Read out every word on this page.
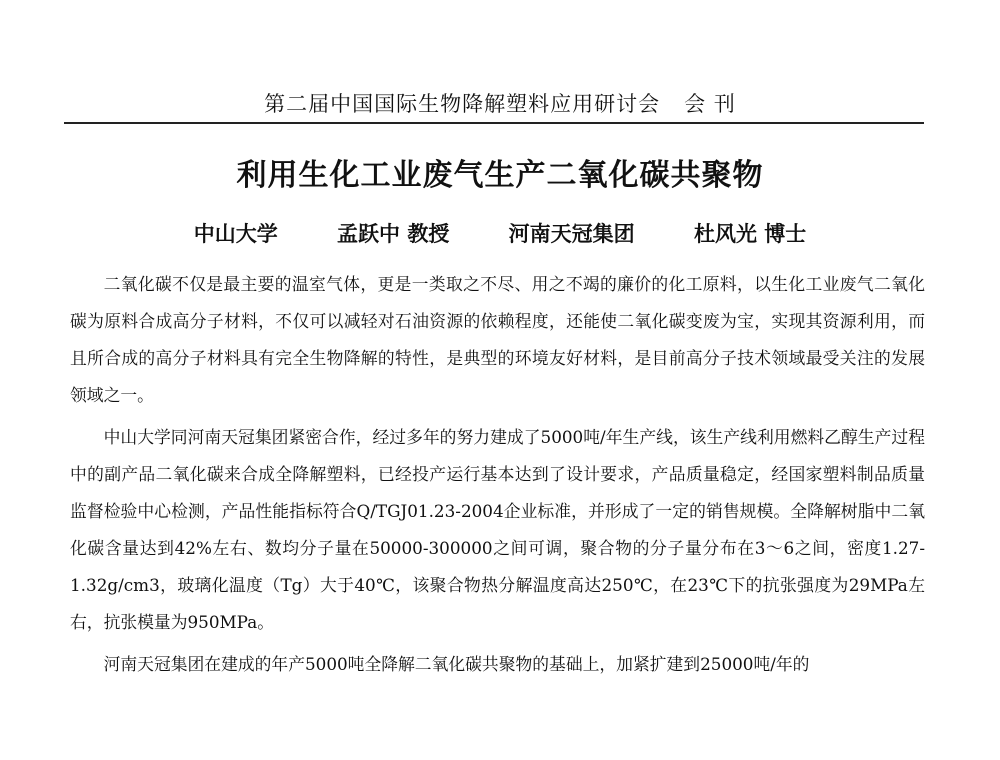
第二届中国国际生物降解塑料应用研讨会 会 刊
利用生化工业废气生产二氧化碳共聚物
中山大学	孟跃中 教授	河南天冠集团	杜风光 博士

二氧化碳不仅是最主要的温室气体，更是一类取之不尽、用之不竭的廉价的化工原料，以生化工业废气二氧化碳为原料合成高分子材料，不仅可以减轻对石油资源的依赖程度，还能使二氧化碳变废为宝，实现其资源利用，而且所合成的高分子材料具有完全生物降解的特性，是典型的环境友好材料，是目前高分子技术领域最受关注的发展领域之一。

中山大学同河南天冠集团紧密合作，经过多年的努力建成了5000吨/年生产线，该生产线利用燃料乙醇生产过程中的副产品二氧化碳来合成全降解塑料，已经投产运行基本达到了设计要求，产品质量稳定，经国家塑料制品质量监督检验中心检测，产品性能指标符合Q/TGJ01.23-2004企业标准，并形成了一定的销售规模。全降解树脂中二氧化碳含量达到42%左右、数均分子量在50000-300000之间可调，聚合物的分子量分布在3～6之间，密度1.27-1.32g/cm3，玻璃化温度（Tg）大于40℃，该聚合物热分解温度高达250℃，在23℃下的抗张强度为29MPa左右，抗张模量为950MPa。

河南天冠集团在建成的年产5000吨全降解二氧化碳共聚物的基础上，加紧扩建到25000吨/年的
